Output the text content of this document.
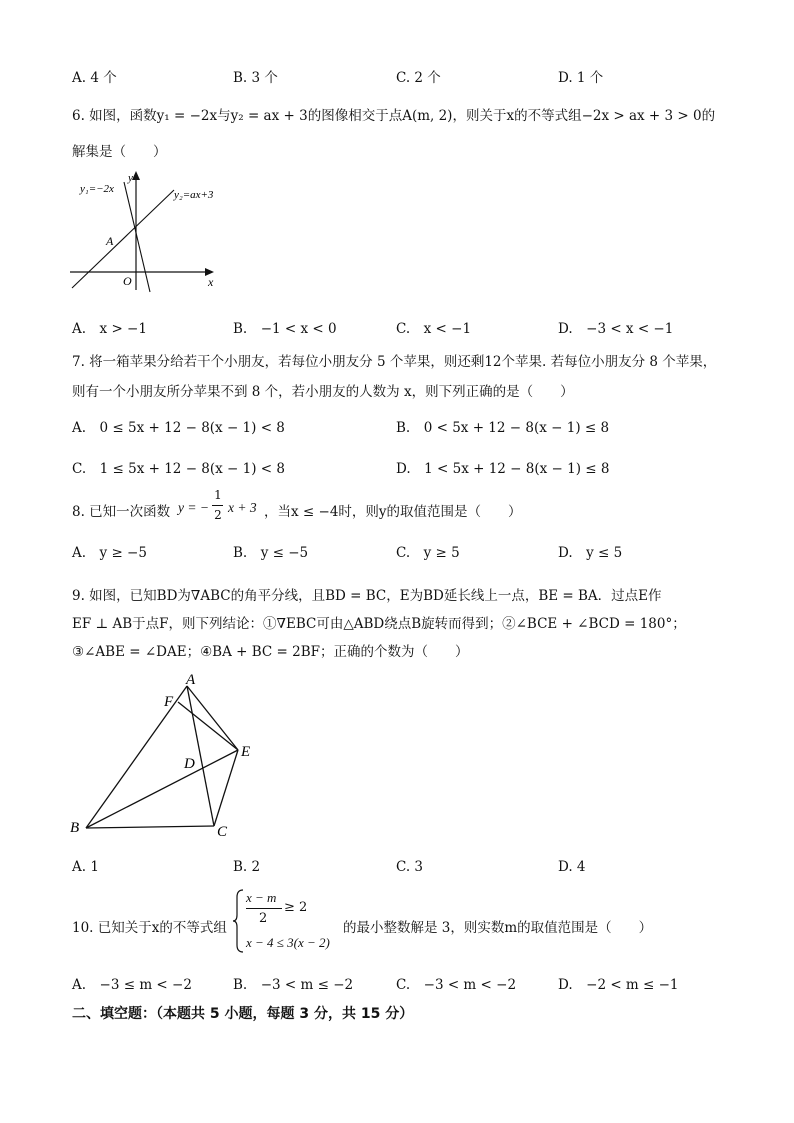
A. 4 个	B. 3 个	C. 2 个	D. 1 个
6. 如图，函数y₁ = −2x与y₂ = ax + 3的图像相交于点A(m, 2)，则关于x的不等式组−2x > ax + 3 > 0的
解集是（　　）
y₁=−2x	y₂=ax+3
y
x
O
A
A.　x > −1	B.　−1 < x < 0	C.　x < −1	D.　−3 < x < −1
7. 将一箱苹果分给若干个小朋友，若每位小朋友分 5 个苹果，则还剩12个苹果. 若每位小朋友分 8 个苹果，
则有一个小朋友所分苹果不到 8 个，若小朋友的人数为 x，则下列正确的是（　　）
A.　0 ≤ 5x + 12 − 8(x − 1) < 8	B.　0 < 5x + 12 − 8(x − 1) ≤ 8
C.　1 ≤ 5x + 12 − 8(x − 1) < 8	D.　1 < 5x + 12 − 8(x − 1) ≤ 8
8. 已知一次函数 y = −
1
2 x + 3 ，当x ≤ −4时，则y的取值范围是（　　）
A.　y ≥ −5	B.　y ≤ −5	C.　y ≥ 5	D.　y ≤ 5
9. 如图，已知BD为∇ABC的角平分线，且BD = BC，E为BD延长线上一点，BE = BA．过点E作
EF ⊥ AB于点F，则下列结论：①∇EBC可由△ABD绕点B旋转而得到；②∠BCE + ∠BCD = 180°；
③∠ABE = ∠DAE；④BA + BC = 2BF；正确的个数为（　　）
A
B	C
D
E
F
A. 1	B. 2	C. 3	D. 4
10. 已知关于x的不等式组
x − m
2
≥ 2
x − 4 ≤ 3(x − 2)
的最小整数解是 3，则实数m的取值范围是（　　）
A.　−3 ≤ m < −2	B.　−3 < m ≤ −2	C.　−3 < m < −2	D.　−2 < m ≤ −1
二、填空题：（本题共 5 小题，每题 3 分，共 15 分）
